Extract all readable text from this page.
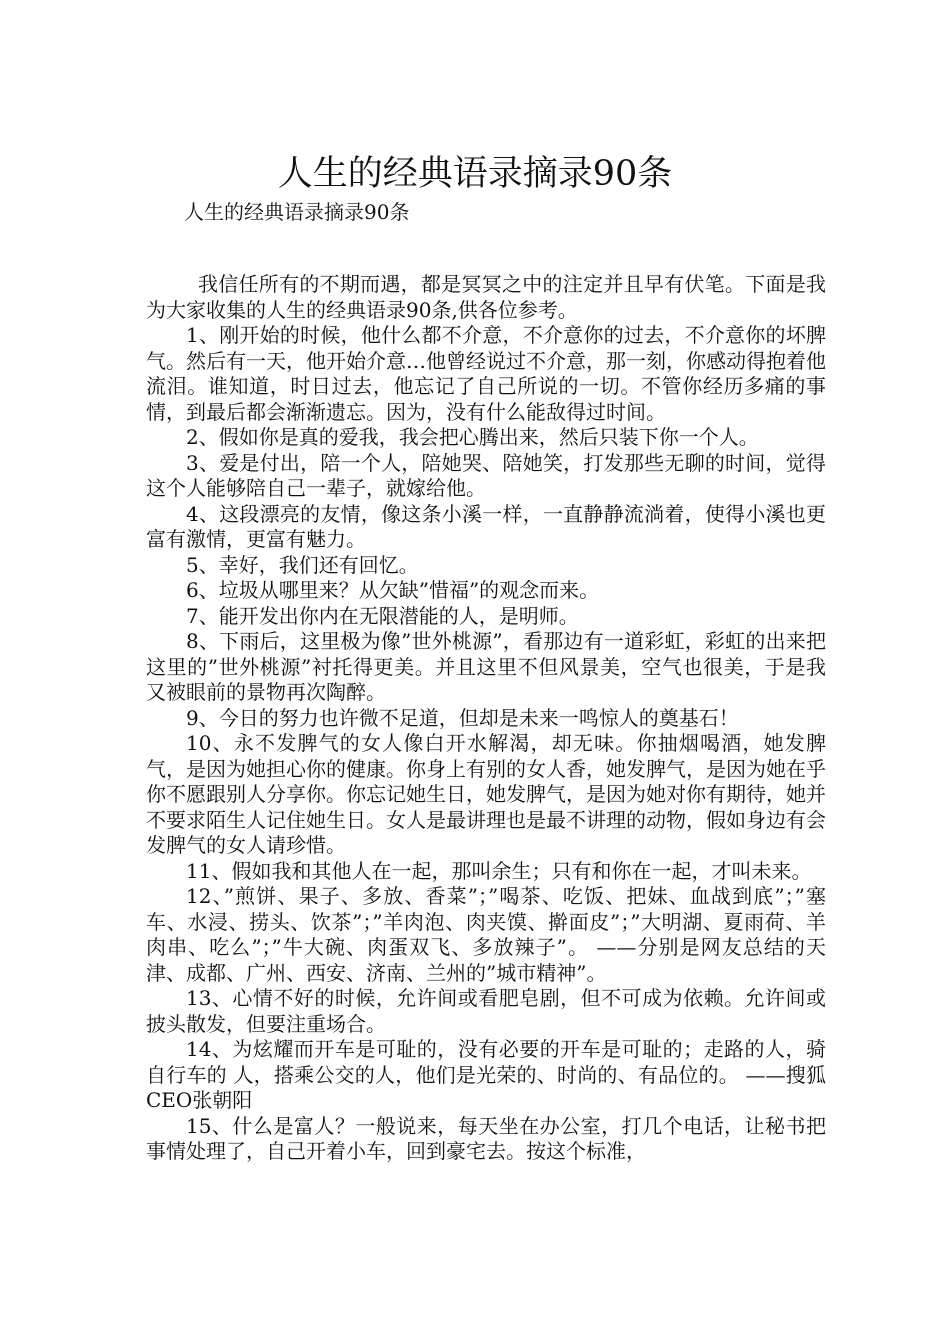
人生的经典语录摘录90条
人生的经典语录摘录90条

我信任所有的不期而遇，都是冥冥之中的注定并且早有伏笔。下面是我为大家收集的人生的经典语录90条,供各位参考。

1、刚开始的时候，他什么都不介意，不介意你的过去，不介意你的坏脾气。然后有一天，他开始介意…他曾经说过不介意，那一刻，你感动得抱着他流泪。谁知道，时日过去，他忘记了自己所说的一切。不管你经历多痛的事情，到最后都会渐渐遗忘。因为，没有什么能敌得过时间。

2、假如你是真的爱我，我会把心腾出来，然后只装下你一个人。

3、爱是付出，陪一个人，陪她哭、陪她笑，打发那些无聊的时间，觉得这个人能够陪自己一辈子，就嫁给他。

4、这段漂亮的友情，像这条小溪一样，一直静静流淌着，使得小溪也更富有激情，更富有魅力。

5、幸好，我们还有回忆。

6、垃圾从哪里来？从欠缺”惜福”的观念而来。

7、能开发出你内在无限潜能的人，是明师。

8、下雨后，这里极为像”世外桃源”，看那边有一道彩虹，彩虹的出来把这里的”世外桃源”衬托得更美。并且这里不但风景美，空气也很美，于是我又被眼前的景物再次陶醉。

9、今日的努力也许微不足道，但却是未来一鸣惊人的奠基石！

10、永不发脾气的女人像白开水解渴，却无味。你抽烟喝酒，她发脾气，是因为她担心你的健康。你身上有别的女人香，她发脾气，是因为她在乎你不愿跟别人分享你。你忘记她生日，她发脾气，是因为她对你有期待，她并不要求陌生人记住她生日。女人是最讲理也是最不讲理的动物，假如身边有会发脾气的女人请珍惜。

11、假如我和其他人在一起，那叫余生；只有和你在一起，才叫未来。

12、”煎饼、果子、多放、香菜”；”喝茶、吃饭、把妹、血战到底”；”塞车、水浸、捞头、饮茶”；”羊肉泡、肉夹馍、擀面皮”；”大明湖、夏雨荷、羊肉串、吃么”；”牛大碗、肉蛋双飞、多放辣子”。 ——分别是网友总结的天津、成都、广州、西安、济南、兰州的”城市精神”。

13、心情不好的时候，允许间或看肥皂剧，但不可成为依赖。允许间或披头散发，但要注重场合。

14、为炫耀而开车是可耻的，没有必要的开车是可耻的；走路的人，骑自行车的 人，搭乘公交的人，他们是光荣的、时尚的、有品位的。 ——搜狐CEO张朝阳

15、什么是富人？一般说来，每天坐在办公室，打几个电话，让秘书把事情处理了，自己开着小车，回到豪宅去。按这个标准，
